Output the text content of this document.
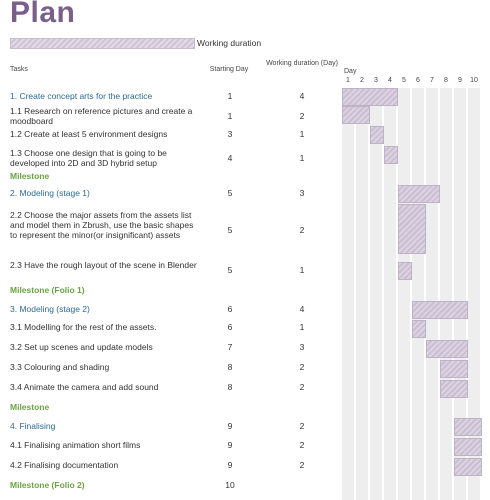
Plan
Working duration
Tasks	Starting Day
Working duration (Day)
Day
1	2	3	4	5	6	7	8	9	10
1. Create concept arts for the practice	1	4
1.1 Research on reference pictures and create a moodboard	1	2
1.2 Create at least 5 environment designs	3	1
1.3 Choose one design that is going to be developed into 2D and 3D hybrid setup	4	1
Milestone
2. Modeling (stage 1)	5	3
2.2 Choose the major assets from the assets list and model them in Zbrush, use the basic shapes to represent the minor(or insignificant) assets	5	2
2.3 Have the rough layout of the scene in Blender	5	1
Milestone (Folio 1)
3. Modeling (stage 2)	6	4
3.1 Modelling for the rest of the assets.	6	1
3.2 Set up scenes and update models	7	3
3.3 Colouring and shading	8	2
3.4 Animate the camera and add sound	8	2
Milestone
4. Finalising	9	2
4.1 Finalising animation short films	9	2
4.2 Finalising documentation	9	2
Milestone (Folio 2)	10
